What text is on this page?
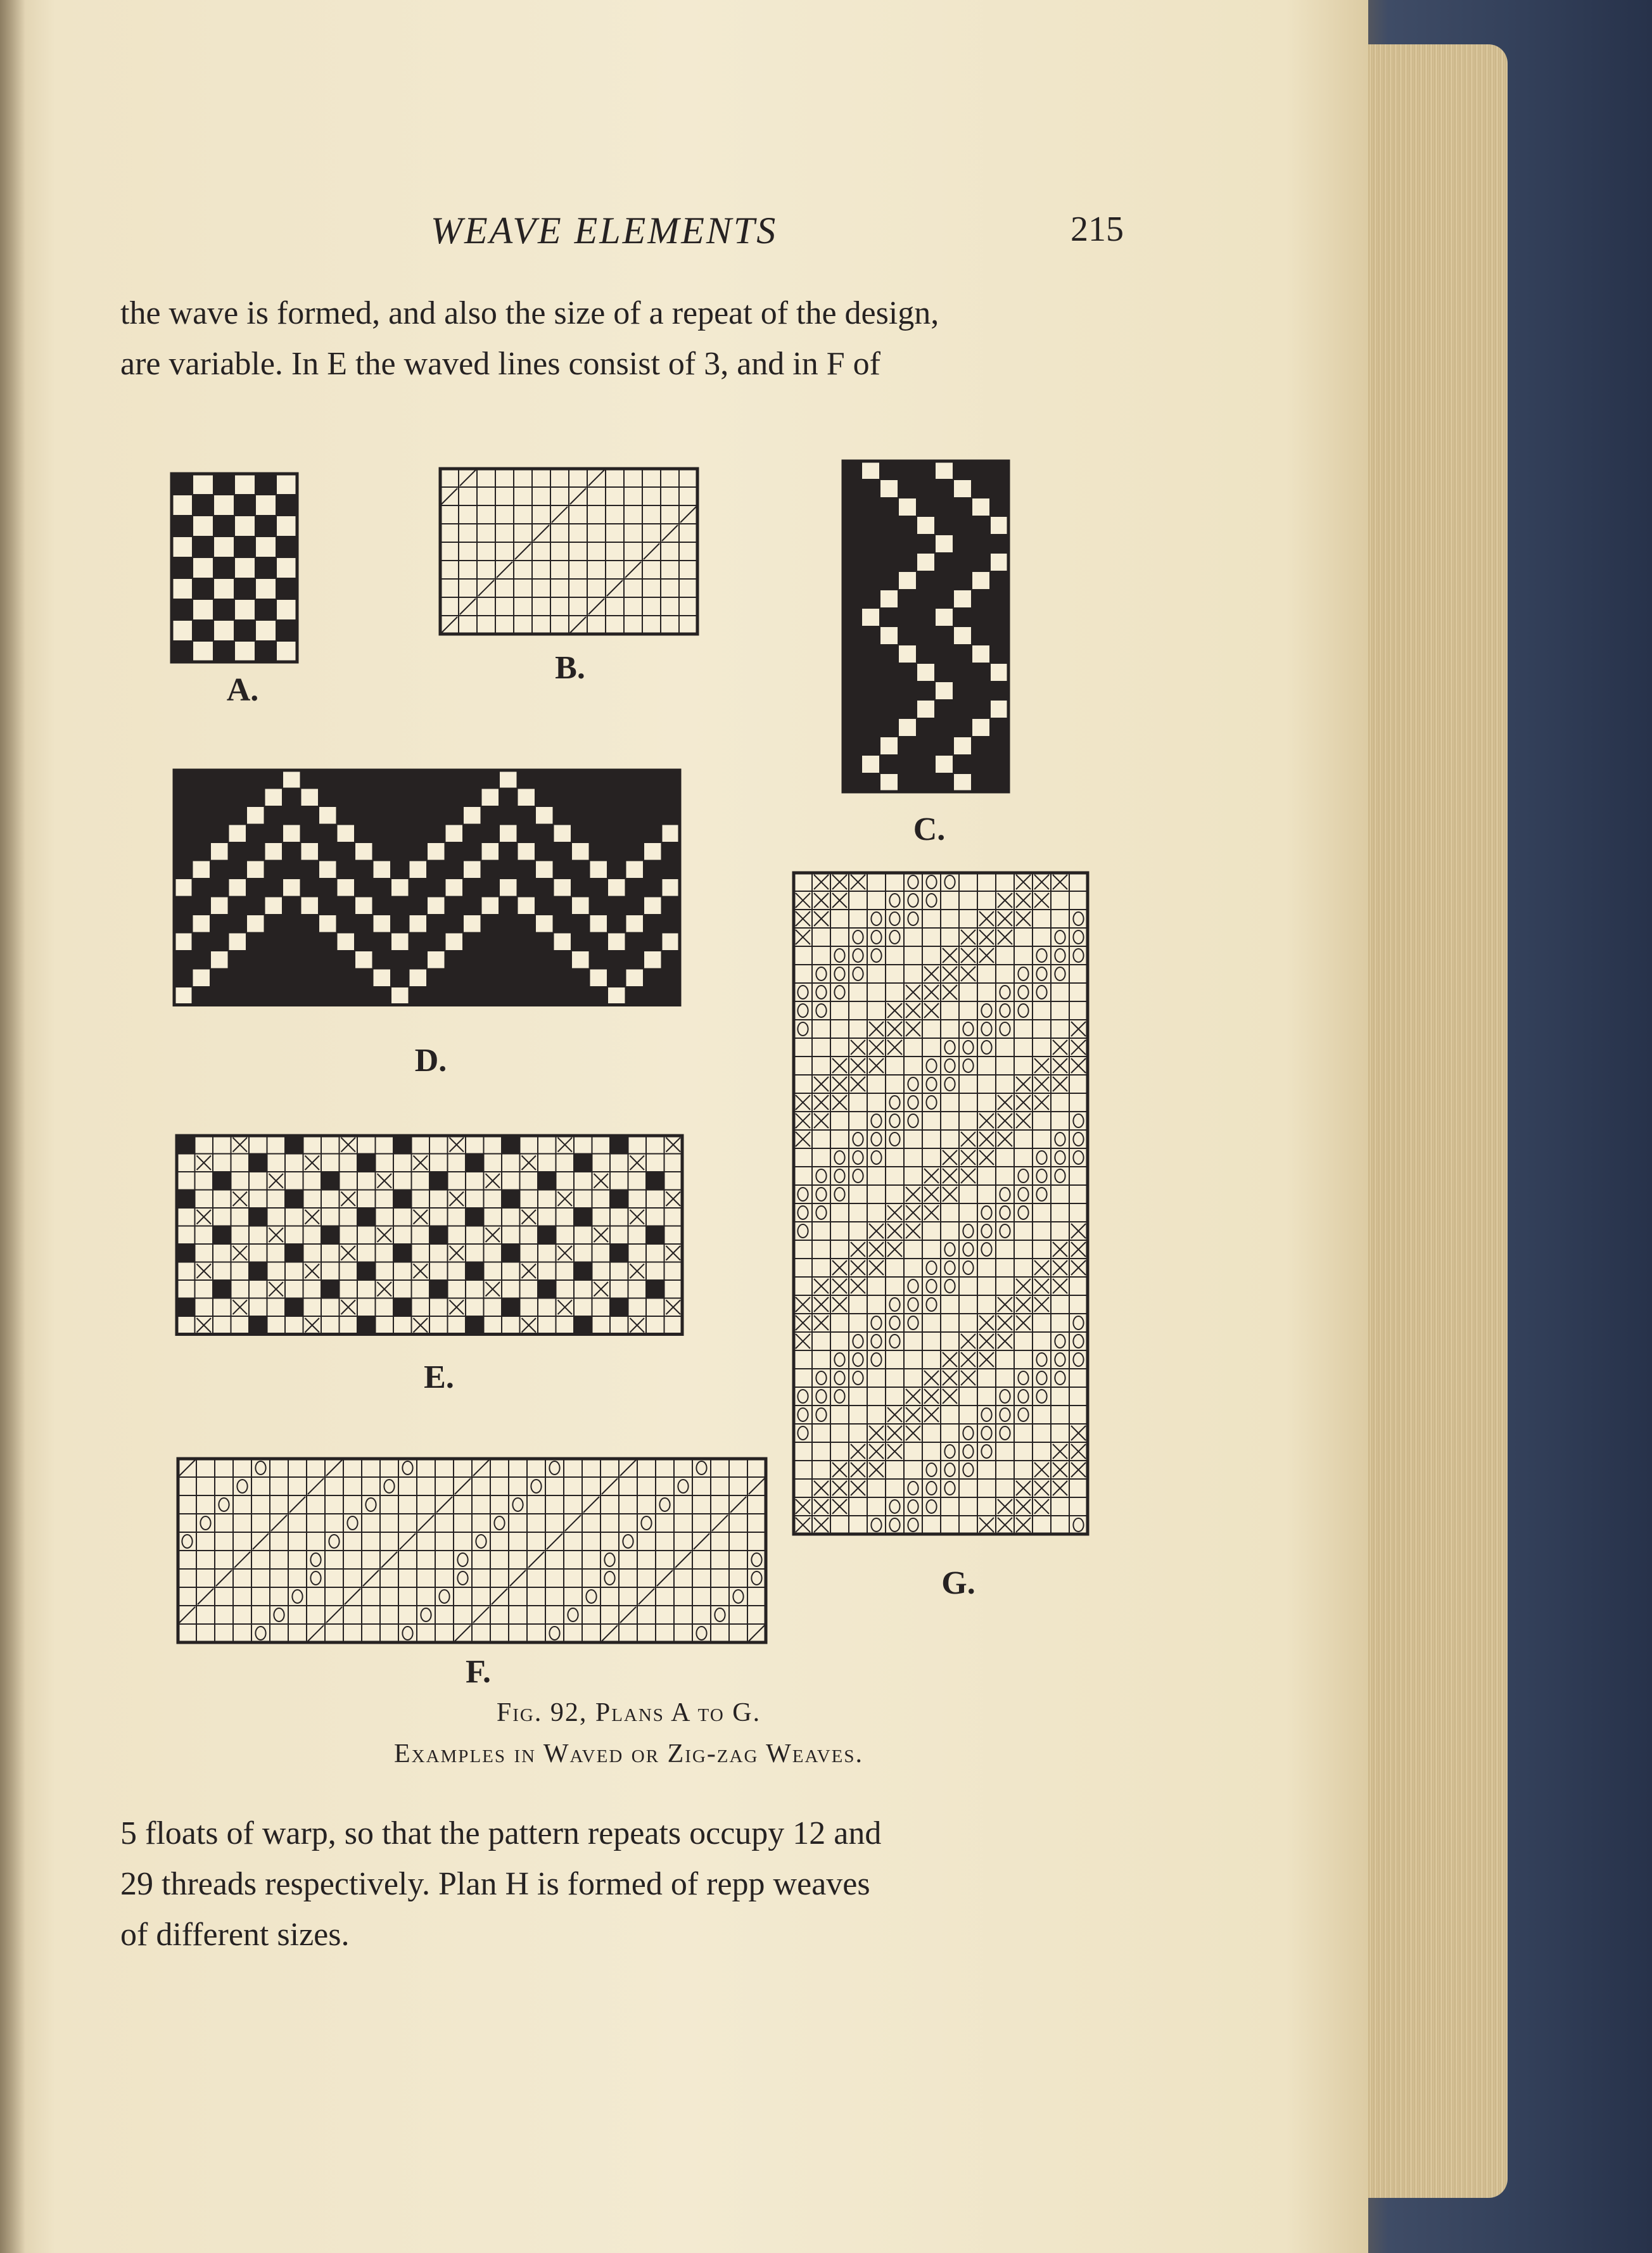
WEAVE ELEMENTS	215

the wave is formed, and also the size of a repeat of the design,

are variable. In E the waved lines consist of 3, and in F of

A.
B.
C.
D.
E.
F.
G.
Fig. 92, Plans A to G.
Examples in Waved or Zig-zag Weaves.

5 floats of warp, so that the pattern repeats occupy 12 and

29 threads respectively. Plan H is formed of repp weaves

of different sizes.
